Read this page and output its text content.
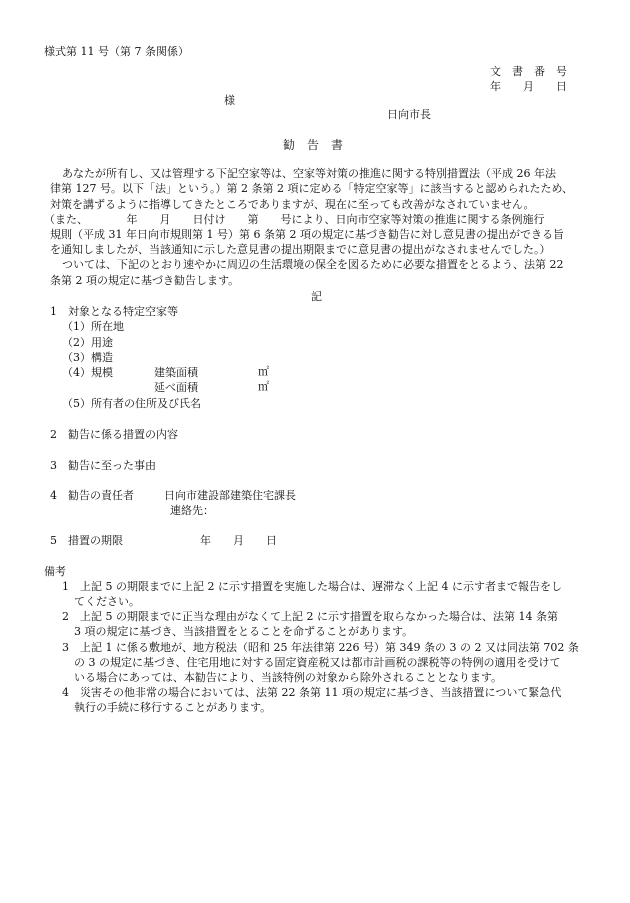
様式第 11 号（第 7 条関係）
文　書　番　号
年　　月　　日
様
日向市長
勧　告　書
あなたが所有し、又は管理する下記空家等は、空家等対策の推進に関する特別措置法（平成 26 年法
律第 127 号。以下「法」という。）第 2 条第 2 項に定める「特定空家等」に該当すると認められたため、
対策を講ずるように指導してきたところでありますが、現在に至っても改善がなされていません。
（また、　　　　年　　月　　日付け　　第　　号により、日向市空家等対策の推進に関する条例施行
規則（平成 31 年日向市規則第 1 号）第 6 条第 2 項の規定に基づき勧告に対し意見書の提出ができる旨
を通知しましたが、当該通知に示した意見書の提出期限までに意見書の提出がなされませんでした。）
ついては、下記のとおり速やかに周辺の生活環境の保全を図るために必要な措置をとるよう、法第 22
条第 2 項の規定に基づき勧告します。
記
1　対象となる特定空家等
（1）所在地
（2）用途
（3）構造
（4）規模	建築面積	㎡
延べ面積	㎡
（5）所有者の住所及び氏名
2　勧告に係る措置の内容
3　勧告に至った事由
4　勧告の責任者	日向市建設部建築住宅課長
連絡先：
5　措置の期限	年　　月　　日
備考
1　上記 5 の期限までに上記 2 に示す措置を実施した場合は、遅滞なく上記 4 に示す者まで報告をし
てください。
2　上記 5 の期限までに正当な理由がなくて上記 2 に示す措置を取らなかった場合は、法第 14 条第
3 項の規定に基づき、当該措置をとることを命ずることがあります。
3　上記 1 に係る敷地が、地方税法（昭和 25 年法律第 226 号）第 349 条の 3 の 2 又は同法第 702 条
の 3 の規定に基づき、住宅用地に対する固定資産税又は都市計画税の課税等の特例の適用を受けて
いる場合にあっては、本勧告により、当該特例の対象から除外されることとなります。
4　災害その他非常の場合においては、法第 22 条第 11 項の規定に基づき、当該措置について緊急代
執行の手続に移行することがあります。
